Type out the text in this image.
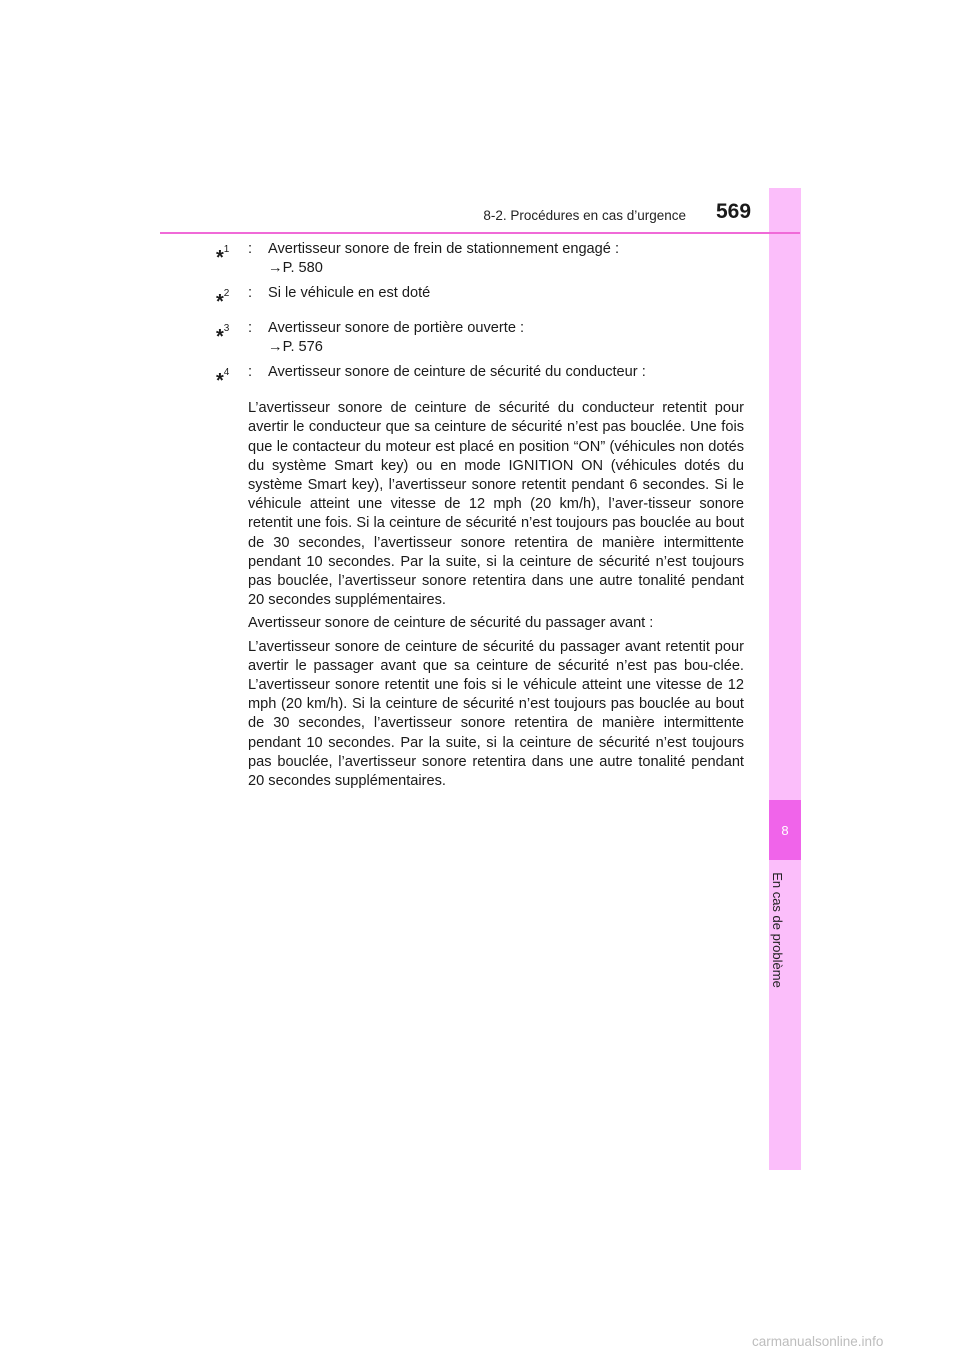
8
En cas de problème
8-2. Procédures en cas d’urgence 569
*$^1$	:	Avertisseur sonore de frein de stationnement engagé :
→P. 580
*$^2$	:	Si le véhicule en est doté
*$^3$	:	Avertisseur sonore de portière ouverte :
→P. 576
*$^4$	:	Avertisseur sonore de ceinture de sécurité du conducteur :
L’avertisseur sonore de ceinture de sécurité du conducteur retentit pour avertir le conducteur que sa ceinture de sécurité n’est pas bouclée. Une fois que le contacteur du moteur est placé en position “ON” (véhicules non dotés du système Smart key) ou en mode IGNITION ON (véhicules dotés du système Smart key), l’avertisseur sonore retentit pendant 6 secondes. Si le véhicule atteint une vitesse de 12 mph (20 km/h), l’aver-tisseur sonore retentit une fois. Si la ceinture de sécurité n’est toujours pas bouclée au bout de 30 secondes, l’avertisseur sonore retentira de manière intermittente pendant 10 secondes. Par la suite, si la ceinture de sécurité n’est toujours pas bouclée, l’avertisseur sonore retentira dans une autre tonalité pendant 20 secondes supplémentaires.
Avertisseur sonore de ceinture de sécurité du passager avant :
L’avertisseur sonore de ceinture de sécurité du passager avant retentit pour avertir le passager avant que sa ceinture de sécurité n’est pas bou-clée. L’avertisseur sonore retentit une fois si le véhicule atteint une vitesse de 12 mph (20 km/h). Si la ceinture de sécurité n’est toujours pas bouclée au bout de 30 secondes, l’avertisseur sonore retentira de manière intermittente pendant 10 secondes. Par la suite, si la ceinture de sécurité n’est toujours pas bouclée, l’avertisseur sonore retentira dans une autre tonalité pendant 20 secondes supplémentaires.
carmanualsonline.info
